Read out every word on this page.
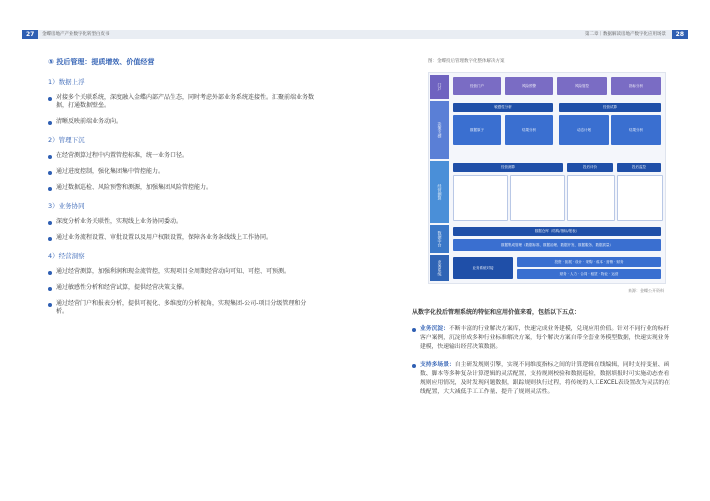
27	金蝶房地产产业数字化转型白皮书	第二章｜数据解读房地产数字化应用场景	28
⑤ 投后管理：提质增效、价值经营
1）数据上浮
对接多个关联系统，深度融入金蝶内部产品生态，同时考虑外部业务系统连接性。汇聚前端业务数据，打通数据壁垒。
清晰反映前端业务动向。
2）管理下沉
在经营测算过程中内置管控标准，统一业务口径。
通过进度控制，强化集团集中管控能力。
通过数据巡检、风险预警和测源，加强集团风险管控能力。
3）业务协同
深度分析业务关联性，实现线上业务协同委动。
通过业务流程设置、审批设置以及用户权限设置，保障各业务条线线上工作协同。
4）经营洞察
通过经营测算，加强利润和现金流管控，实现项目全周期经营动向可知、可控、可预测。
通过敏感性分析和经营试算，提供经营决策支撑。
通过经营门户和报表分析，提供可视化、多维度的分析视角，实现集团-公司-项目分级管理和分析。
图：金蝶投后管理数字化整体解决方案
门户
决策支撑
经营测算
数据中台
业务系统
经营门户	风险预警	风险管控	指标分析
敏感性分析	经营试算
数据原子	结果分析	动态计划	结果分析
经营测算	投后评价	投后监控
数据仓库（结构/指标/报表）
数据集成管理（数据标准、数据治理、数据开发、数据服务、数据质量）
业务系统对接
投资 · 拓展 · 设计 · 采购 · 成本 · 营销 · 财务
财务 · 人力 · 合同 · 租赁 · 物业 · 运营
来源：金蝶公开资料
从数字化投后管理系统的特征和应用价值来看，包括以下五点：
业务沉淀：不断丰富的行业解决方案库，快速完成业务建模，兑现应用价值。针对不同行业的标杆客户案例，沉淀形成多种行业标准解决方案，每个解决方案自带全套业务模型数据，快速实现业务建模，快速输出经营决策数据。
支持多场景：自主研发规则引擎，实现不同维度指标之间的计算逻辑在线编辑，同时支持变量、函数、脚本等多种复杂计算逻辑的灵活配置，支持规则校验和数据巡检，数据填报时可实施动态查看规则应用情况，及时发现问题数据，跟踪规则执行过程，将传统的人工EXCEL表设置改为灵活的在线配置，大大减低手工工作量、提升了规则灵活性。
